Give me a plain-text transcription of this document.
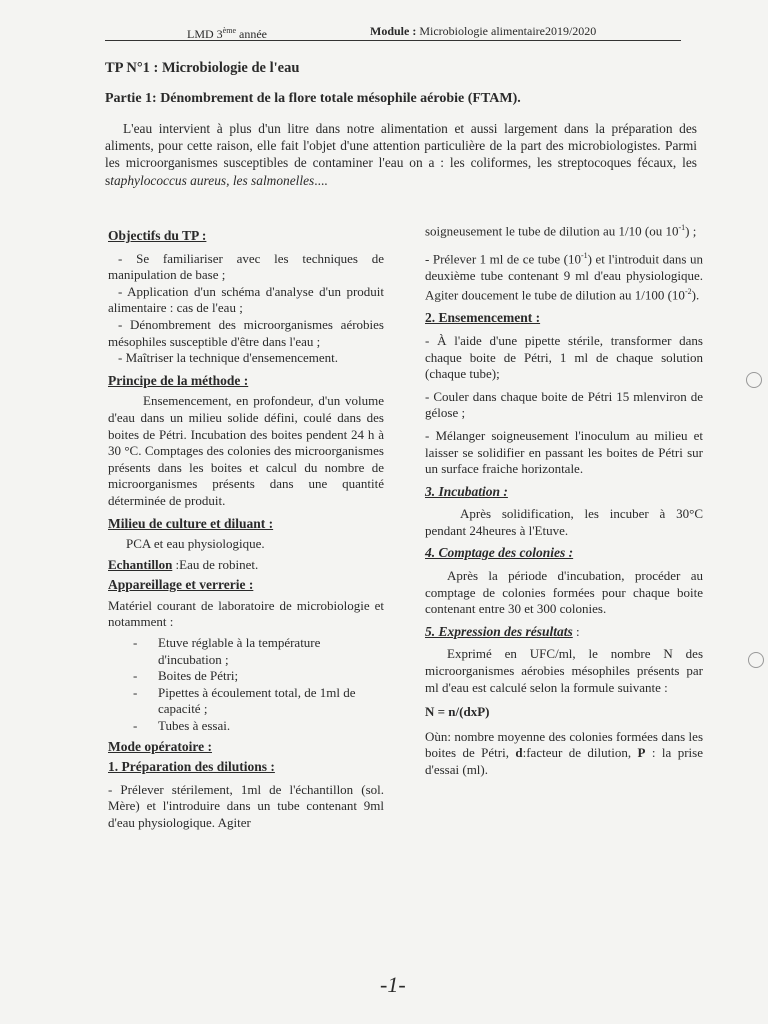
LMD 3ème année	Module : Microbiologie alimentaire2019/2020
TP N°1 : Microbiologie de l'eau
Partie 1: Dénombrement de la flore totale mésophile aérobie (FTAM).

L'eau intervient à plus d'un litre dans notre alimentation et aussi largement dans la préparation des aliments, pour cette raison, elle fait l'objet d'une attention particulière de la part des microbiologistes. Parmi les microorganismes susceptibles de contaminer l'eau on a : les coliformes, les streptocoques fécaux, les staphylococcus aureus, les salmonelles....

Objectifs du TP :

- Se familiariser avec les techniques de manipulation de base ;

- Application d'un schéma d'analyse d'un produit alimentaire : cas de l'eau ;

- Dénombrement des microorganismes aérobies mésophiles susceptible d'être dans l'eau ;

- Maîtriser la technique d'ensemencement.

Principe de la méthode :

Ensemencement, en profondeur, d'un volume d'eau dans un milieu solide défini, coulé dans des boites de Pétri. Incubation des boites pendent 24 h à 30 °C. Comptages des colonies des microorganismes présents dans les boites et calcul du nombre de microorganismes présents dans une quantité déterminée de produit.

Milieu de culture et diluant :

PCA et eau physiologique.

Echantillon :Eau de robinet.

Appareillage et verrerie :

Matériel courant de laboratoire de microbiologie et notamment :

- Etuve réglable à la température d'incubation ;
- Boites de Pétri;
- Pipettes à écoulement total, de 1ml de capacité ;
- Tubes à essai.

Mode opératoire :

1. Préparation des dilutions :

- Prélever stérilement, 1ml de l'échantillon (sol. Mère) et l'introduire dans un tube contenant 9ml d'eau physiologique. Agiter

soigneusement le tube de dilution au 1/10 (ou $10^{-1}$) ;

- Prélever 1 ml de ce tube $(10^{-1})$ et l'introduit dans un deuxième tube contenant 9 ml d'eau physiologique. Agiter doucement le tube de dilution au 1/100 $(10^{-2})$.

2. Ensemencement :

- À l'aide d'une pipette stérile, transformer dans chaque boite de Pétri, 1 ml de chaque solution (chaque tube);

- Couler dans chaque boite de Pétri 15 mlenviron de gélose ;

- Mélanger soigneusement l'inoculum au milieu et laisser se solidifier en passant les boites de Pétri sur un surface fraiche horizontale.

3. Incubation :

Après solidification, les incuber à 30°C pendant 24heures à l'Etuve.

4. Comptage des colonies :

Après la période d'incubation, procéder au comptage de colonies formées pour chaque boite contenant entre 30 et 300 colonies.

5. Expression des résultats :

Exprimé en UFC/ml, le nombre N des microorganismes aérobies mésophiles présents par ml d'eau est calculé selon la formule suivante :

N = n/(dxP)

Oùn: nombre moyenne des colonies formées dans les boites de Pétri, d:facteur de dilution, P : la prise d'essai (ml).

-1-
